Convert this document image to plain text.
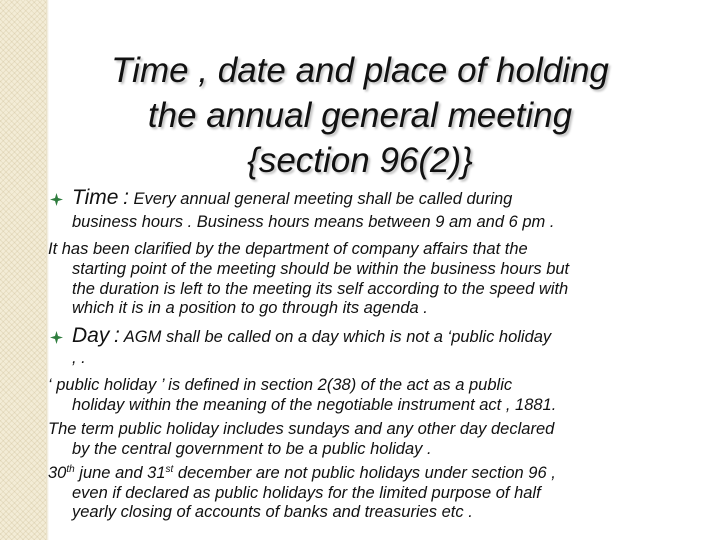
Time , date and place of holding
the annual general meeting
{section 96(2)}
Time : Every annual general meeting shall be called during
business hours . Business hours means between 9 am and 6 pm .
It has been clarified by the department of company affairs that the
starting point of the meeting should be within the business hours but
the duration is left to the meeting its self according to the speed with
which it is in a position to go through its agenda .
Day : AGM shall be called on a day which is not a ‘public holiday
, .
‘ public holiday ’ is defined in section 2(38) of the act as a public
holiday within the meaning of the negotiable instrument act , 1881.
The term public holiday includes sundays and any other day declared
by the central government to be a public holiday .
30th june and 31st december are not public holidays under section 96 ,
even if declared as public holidays for the limited purpose of half
yearly closing of accounts of banks and treasuries etc .
